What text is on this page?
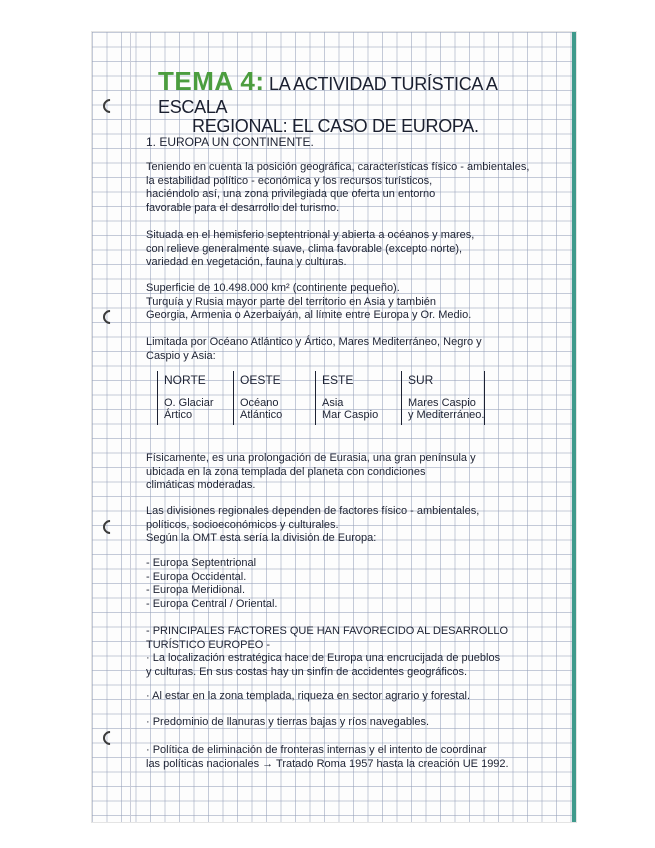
TEMA 4: LA ACTIVIDAD TURÍSTICA A ESCALA
REGIONAL: EL CASO DE EUROPA.
1. EUROPA UN CONTINENTE.
Teniendo en cuenta la posición geográfica, características físico - ambientales,
la estabilidad político - económica y los recursos turísticos,
haciéndolo así, una zona privilegiada que oferta un entorno
favorable para el desarrollo del turismo.
Situada en el hemisferio septentrional y abierta a océanos y mares,
con relieve generalmente suave, clima favorable (excepto norte),
variedad en vegetación, fauna y culturas.
Superficie de 10.498.000 km² (continente pequeño).
Turquía y Rusia mayor parte del territorio en Asia y también
Georgia, Armenia o Azerbaiyán, al límite entre Europa y Or. Medio.
Limitada por Océano Atlántico y Ártico, Mares Mediterráneo, Negro y
Caspio y Asia:
NORTE
O. Glaciar
Ártico
OESTE
Océano
Atlántico
ESTE
Asia
Mar Caspio
SUR
Mares Caspio
y Mediterráneo.
Físicamente, es una prolongación de Eurasia, una gran península y
ubicada en la zona templada del planeta con condiciones
climáticas moderadas.
Las divisiones regionales dependen de factores físico - ambientales,
políticos, socioeconómicos y culturales.
Según la OMT esta sería la división de Europa:
- Europa Septentrional
- Europa Occidental.
- Europa Meridional.
- Europa Central / Oriental.
- PRINCIPALES FACTORES QUE HAN FAVORECIDO AL DESARROLLO TURÍSTICO EUROPEO -
· La localización estratégica hace de Europa una encrucijada de pueblos
y culturas. En sus costas hay un sinfín de accidentes geográficos.
· Al estar en la zona templada, riqueza en sector agrario y forestal.
· Predominio de llanuras y tierras bajas y ríos navegables.
· Política de eliminación de fronteras internas y el intento de coordinar
las políticas nacionales → Tratado Roma 1957 hasta la creación UE 1992.
